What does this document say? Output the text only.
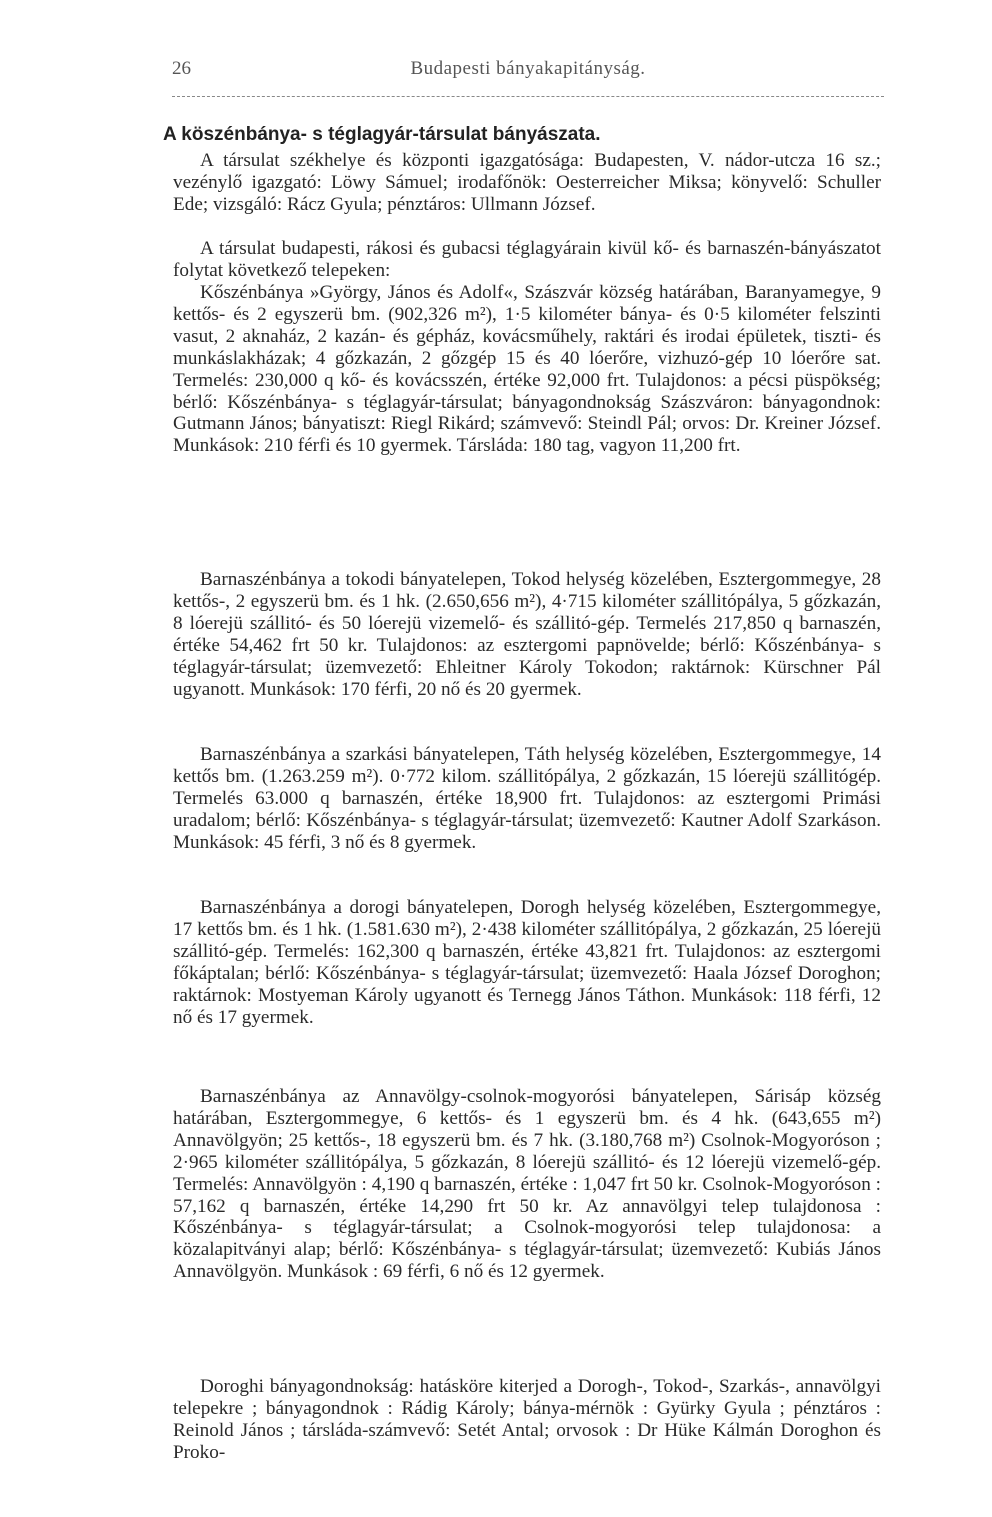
26	Budapesti bányakapitányság.
A köszénbánya- s téglagyár-társulat bányászata.

A társulat székhelye és központi igazgatósága: Budapesten, V. nádor-utcza 16 sz.; vezénylő igazgató: Löwy Sámuel; irodafőnök: Oesterreicher Miksa; könyvelő: Schuller Ede; vizsgáló: Rácz Gyula; pénztáros: Ullmann József.

A társulat budapesti, rákosi és gubacsi téglagyárain kivül kő- és barnaszén-bányászatot folytat következő telepeken:

Kőszénbánya »György, János és Adolf«, Szászvár község határában, Baranyamegye, 9 kettős- és 2 egyszerü bm. (902,326 m²), 1·5 kilométer bánya- és 0·5 kilométer felszinti vasut, 2 aknaház, 2 kazán- és gépház, kovácsműhely, raktári és irodai épületek, tiszti- és munkáslakházak; 4 gőzkazán, 2 gőzgép 15 és 40 lóerőre, vizhuzó-gép 10 lóerőre sat. Termelés: 230,000 q kő- és kovácsszén, értéke 92,000 frt. Tulajdonos: a pécsi püspökség; bérlő: Kőszénbánya- s téglagyár-társulat; bányagondnokság Szászváron: bányagondnok: Gutmann János; bányatiszt: Riegl Rikárd; számvevő: Steindl Pál; orvos: Dr. Kreiner József. Munkások: 210 férfi és 10 gyermek. Társláda: 180 tag, vagyon 11,200 frt.

Barnaszénbánya a tokodi bányatelepen, Tokod helység közelében, Esztergommegye, 28 kettős-, 2 egyszerü bm. és 1 hk. (2.650,656 m²), 4·715 kilométer szállitópálya, 5 gőzkazán, 8 lóerejü szállitó- és 50 lóerejü vizemelő- és szállitó-gép. Termelés 217,850 q barnaszén, értéke 54,462 frt 50 kr. Tulajdonos: az esztergomi papnövelde; bérlő: Kőszénbánya- s téglagyár-társulat; üzemvezető: Ehleitner Károly Tokodon; raktárnok: Kürschner Pál ugyanott. Munkások: 170 férfi, 20 nő és 20 gyermek.

Barnaszénbánya a szarkási bányatelepen, Táth helység közelében, Esztergommegye, 14 kettős bm. (1.263.259 m²). 0·772 kilom. szállitópálya, 2 gőzkazán, 15 lóerejü szállitógép. Termelés 63.000 q barnaszén, értéke 18,900 frt. Tulajdonos: az esztergomi Primási uradalom; bérlő: Kőszénbánya- s téglagyár-társulat; üzemvezető: Kautner Adolf Szarkáson. Munkások: 45 férfi, 3 nő és 8 gyermek.

Barnaszénbánya a dorogi bányatelepen, Dorogh helység közelében, Esztergommegye, 17 kettős bm. és 1 hk. (1.581.630 m²), 2·438 kilométer szállitópálya, 2 gőzkazán, 25 lóerejü szállitó-gép. Termelés: 162,300 q barnaszén, értéke 43,821 frt. Tulajdonos: az esztergomi főkáptalan; bérlő: Kőszénbánya- s téglagyár-társulat; üzemvezető: Haala József Doroghon; raktárnok: Mostyeman Károly ugyanott és Ternegg János Táthon. Munkások: 118 férfi, 12 nő és 17 gyermek.

Barnaszénbánya az Annavölgy-csolnok-mogyorósi bányatelepen, Sárisáp község határában, Esztergommegye, 6 kettős- és 1 egyszerü bm. és 4 hk. (643,655 m²) Annavölgyön; 25 kettős-, 18 egyszerü bm. és 7 hk. (3.180,768 m²) Csolnok-Mogyoróson ; 2·965 kilométer szállitópálya, 5 gőzkazán, 8 lóerejü szállitó- és 12 lóerejü vizemelő-gép. Termelés: Annavölgyön : 4,190 q barnaszén, értéke : 1,047 frt 50 kr. Csolnok-Mogyoróson : 57,162 q barnaszén, értéke 14,290 frt 50 kr. Az annavölgyi telep tulajdonosa : Kőszénbánya- s téglagyár-társulat; a Csolnok-mogyorósi telep tulajdonosa: a közalapitványi alap; bérlő: Kőszénbánya- s téglagyár-társulat; üzemvezető: Kubiás János Annavölgyön. Munkások : 69 férfi, 6 nő és 12 gyermek.

Doroghi bányagondnokság: hatásköre kiterjed a Dorogh-, Tokod-, Szarkás-, annavölgyi telepekre ; bányagondnok : Rádig Károly; bánya-mérnök : Gyürky Gyula ; pénztáros : Reinold János ; társláda-számvevő: Setét Antal; orvosok : Dr Hüke Kálmán Doroghon és Proko-
